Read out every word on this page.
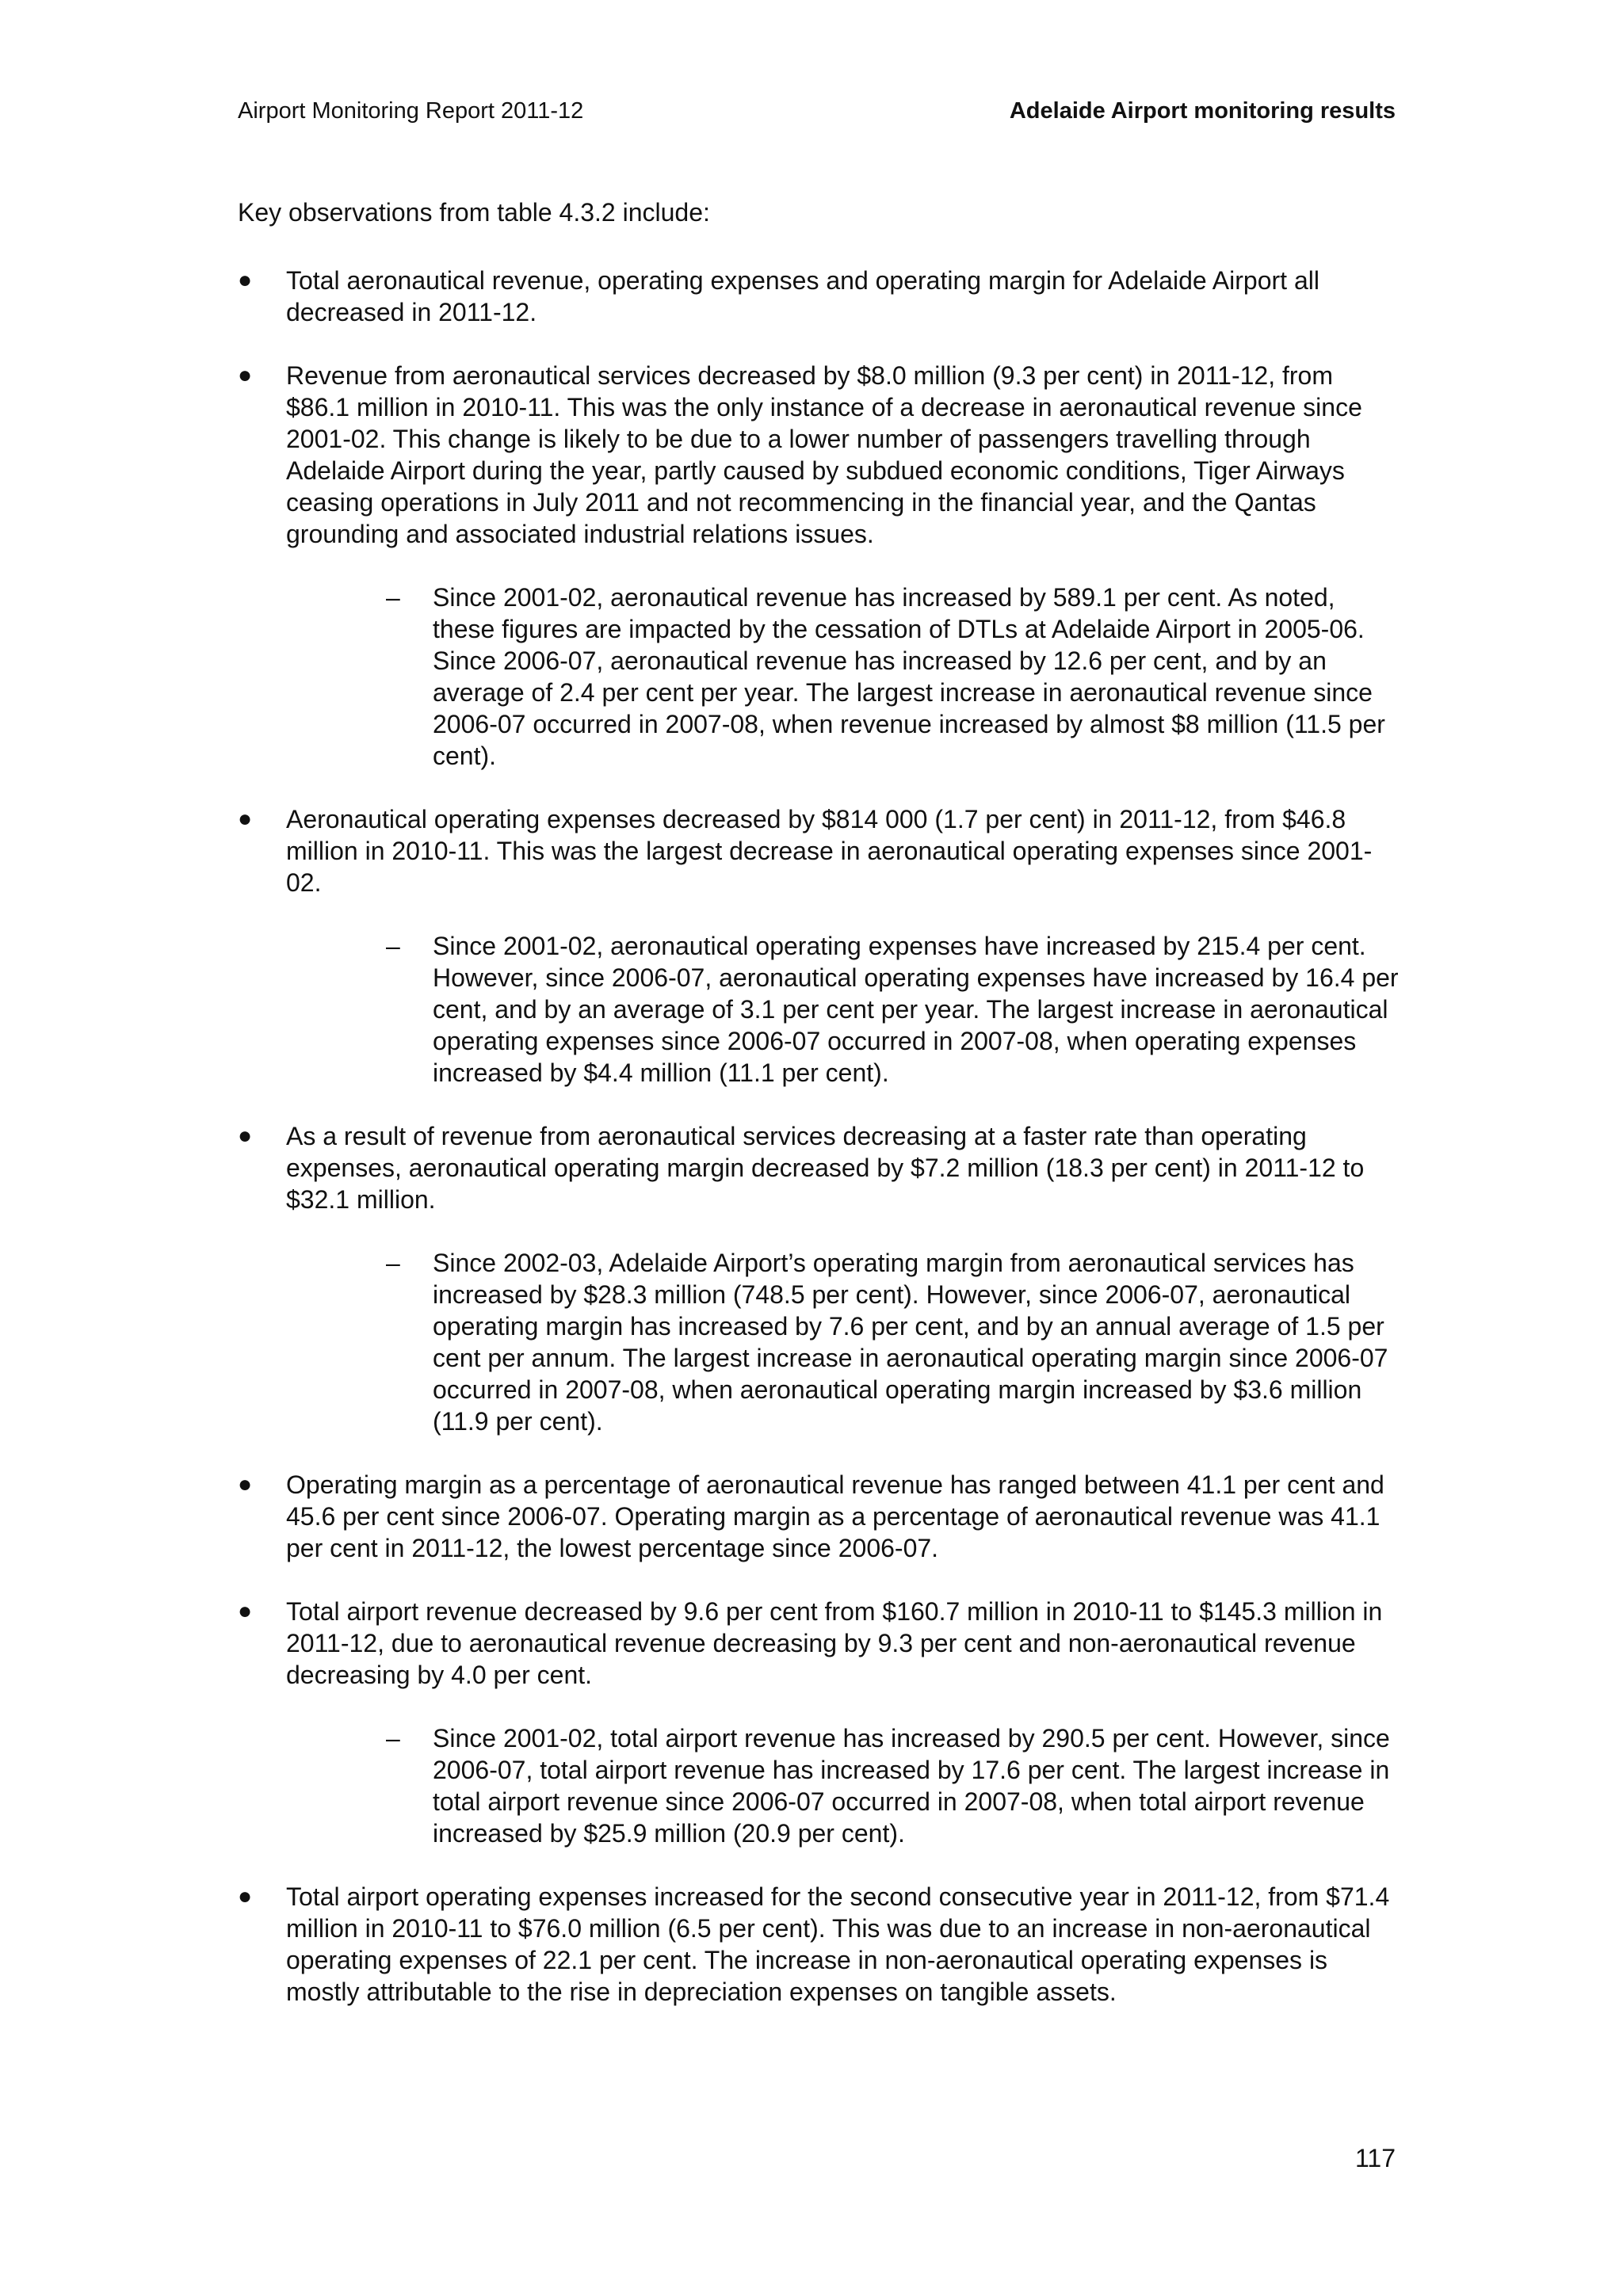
Airport Monitoring Report 2011-12	Adelaide Airport monitoring results

Key observations from table 4.3.2 include:

●	Total aeronautical revenue, operating expenses and operating margin for Adelaide Airport all decreased in 2011-12.

●	Revenue from aeronautical services decreased by $8.0 million (9.3 per cent) in 2011-12, from $86.1 million in 2010-11. This was the only instance of a decrease in aeronautical revenue since 2001-02. This change is likely to be due to a lower number of passengers travelling through Adelaide Airport during the year, partly caused by subdued economic conditions, Tiger Airways ceasing operations in July 2011 and not recommencing in the financial year, and the Qantas grounding and associated industrial relations issues.

–	Since 2001-02, aeronautical revenue has increased by 589.1 per cent. As noted, these figures are impacted by the cessation of DTLs at Adelaide Airport in 2005-06. Since 2006-07, aeronautical revenue has increased by 12.6 per cent, and by an average of 2.4 per cent per year. The largest increase in aeronautical revenue since 2006-07 occurred in 2007-08, when revenue increased by almost $8 million (11.5 per cent).

●	Aeronautical operating expenses decreased by $814 000 (1.7 per cent) in 2011-12, from $46.8 million in 2010-11. This was the largest decrease in aeronautical operating expenses since 2001-02.

–	Since 2001-02, aeronautical operating expenses have increased by 215.4 per cent. However, since 2006-07, aeronautical operating expenses have increased by 16.4 per cent, and by an average of 3.1 per cent per year. The largest increase in aeronautical operating expenses since 2006-07 occurred in 2007-08, when operating expenses increased by $4.4 million (11.1 per cent).

●	As a result of revenue from aeronautical services decreasing at a faster rate than operating expenses, aeronautical operating margin decreased by $7.2 million (18.3 per cent) in 2011-12 to $32.1 million.

–	Since 2002-03, Adelaide Airport’s operating margin from aeronautical services has increased by $28.3 million (748.5 per cent). However, since 2006-07, aeronautical operating margin has increased by 7.6 per cent, and by an annual average of 1.5 per cent per annum. The largest increase in aeronautical operating margin since 2006-07 occurred in 2007-08, when aeronautical operating margin increased by $3.6 million (11.9 per cent).

●	Operating margin as a percentage of aeronautical revenue has ranged between 41.1 per cent and 45.6 per cent since 2006-07. Operating margin as a percentage of aeronautical revenue was 41.1 per cent in 2011-12, the lowest percentage since 2006-07.

●	Total airport revenue decreased by 9.6 per cent from $160.7 million in 2010-11 to $145.3 million in 2011-12, due to aeronautical revenue decreasing by 9.3 per cent and non-aeronautical revenue decreasing by 4.0 per cent.

–	Since 2001-02, total airport revenue has increased by 290.5 per cent. However, since 2006-07, total airport revenue has increased by 17.6 per cent. The largest increase in total airport revenue since 2006-07 occurred in 2007-08, when total airport revenue increased by $25.9 million (20.9 per cent).

●	Total airport operating expenses increased for the second consecutive year in 2011-12, from $71.4 million in 2010-11 to $76.0 million (6.5 per cent). This was due to an increase in non-aeronautical operating expenses of 22.1 per cent. The increase in non-aeronautical operating expenses is mostly attributable to the rise in depreciation expenses on tangible assets.

117
